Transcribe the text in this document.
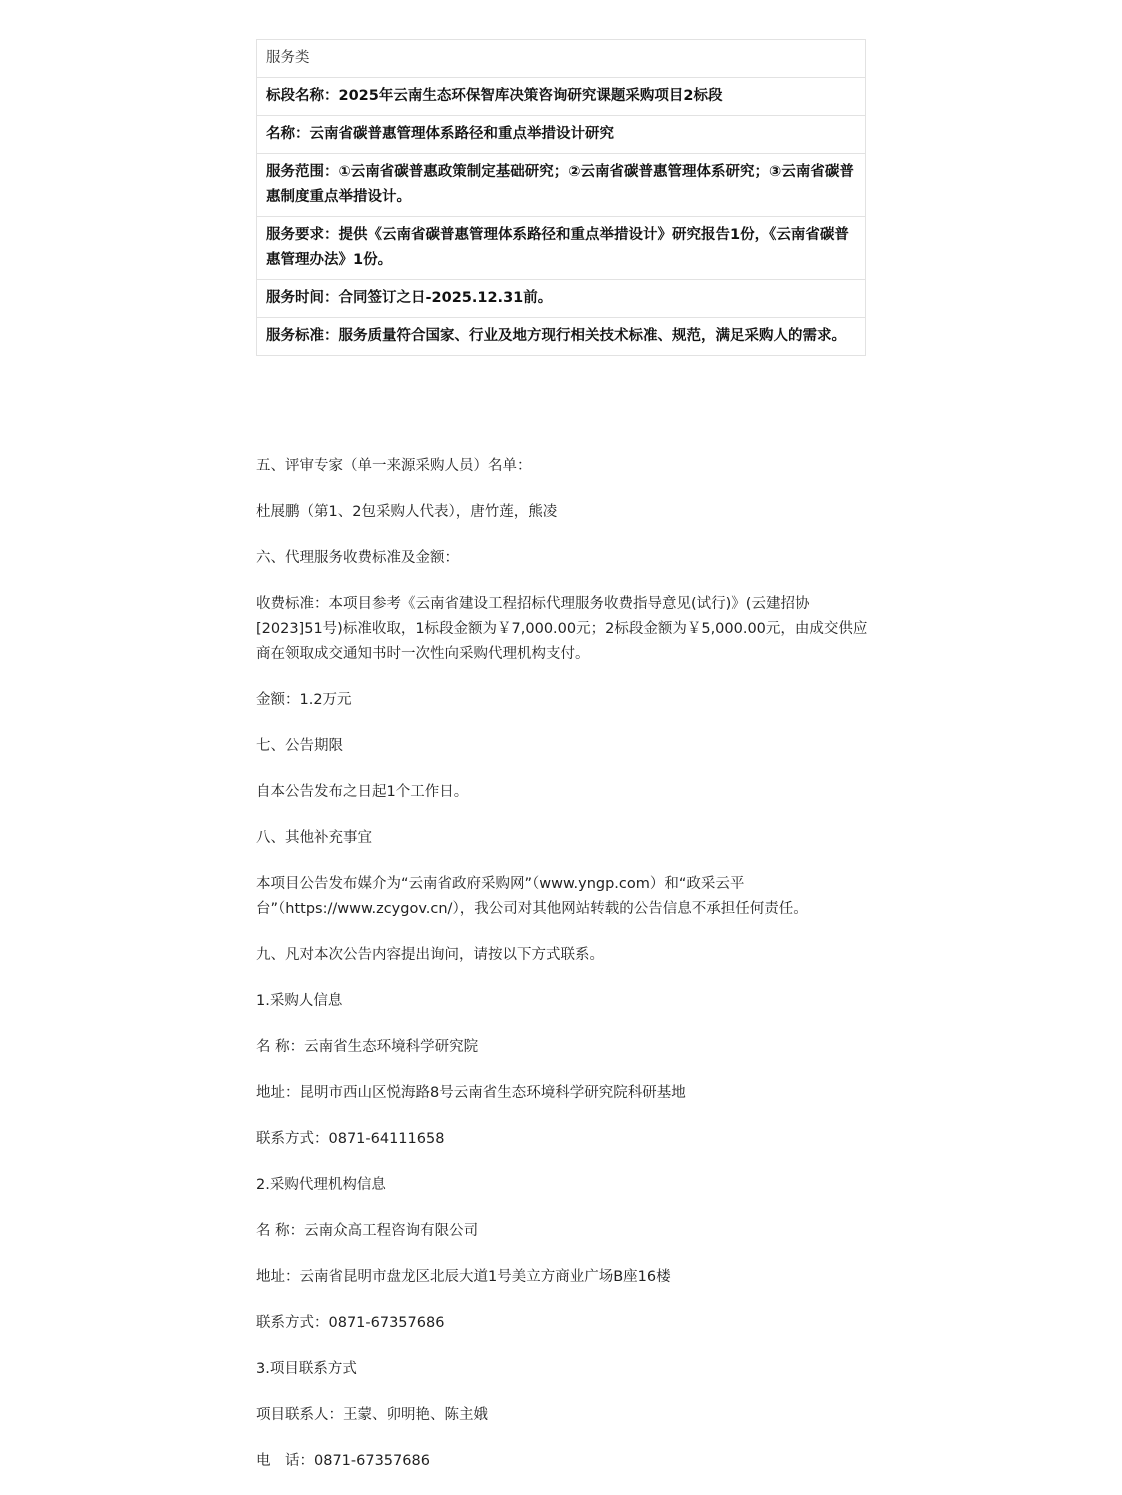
服务类
标段名称：2025年云南生态环保智库决策咨询研究课题采购项目2标段
名称：云南省碳普惠管理体系路径和重点举措设计研究
服务范围：①云南省碳普惠政策制定基础研究；②云南省碳普惠管理体系研究；③云南省碳普惠制度重点举措设计。
服务要求：提供《云南省碳普惠管理体系路径和重点举措设计》研究报告1份，《云南省碳普惠管理办法》1份。
服务时间：合同签订之日-2025.12.31前。
服务标准：服务质量符合国家、行业及地方现行相关技术标准、规范，满足采购人的需求。

五、评审专家（单一来源采购人员）名单：

杜展鹏（第1、2包采购人代表），唐竹莲，熊凌

六、代理服务收费标准及金额：

收费标准：本项目参考《云南省建设工程招标代理服务收费指导意见(试行)》(云建招协[2023]51号)标准收取，1标段金额为￥7,000.00元；2标段金额为￥5,000.00元，由成交供应商在领取成交通知书时一次性向采购代理机构支付。

金额：1.2万元

七、公告期限

自本公告发布之日起1个工作日。

八、其他补充事宜

本项目公告发布媒介为“云南省政府采购网”（www.yngp.com）和“政采云平台”（https://www.zcygov.cn/），我公司对其他网站转载的公告信息不承担任何责任。

九、凡对本次公告内容提出询问，请按以下方式联系。

1.采购人信息

名 称：云南省生态环境科学研究院

地址：昆明市西山区悦海路8号云南省生态环境科学研究院科研基地

联系方式：0871-64111658

2.采购代理机构信息

名 称：云南众高工程咨询有限公司

地址：云南省昆明市盘龙区北辰大道1号美立方商业广场B座16楼

联系方式：0871-67357686

3.项目联系方式

项目联系人：王蒙、卯明艳、陈主娥

电　话：0871-67357686
